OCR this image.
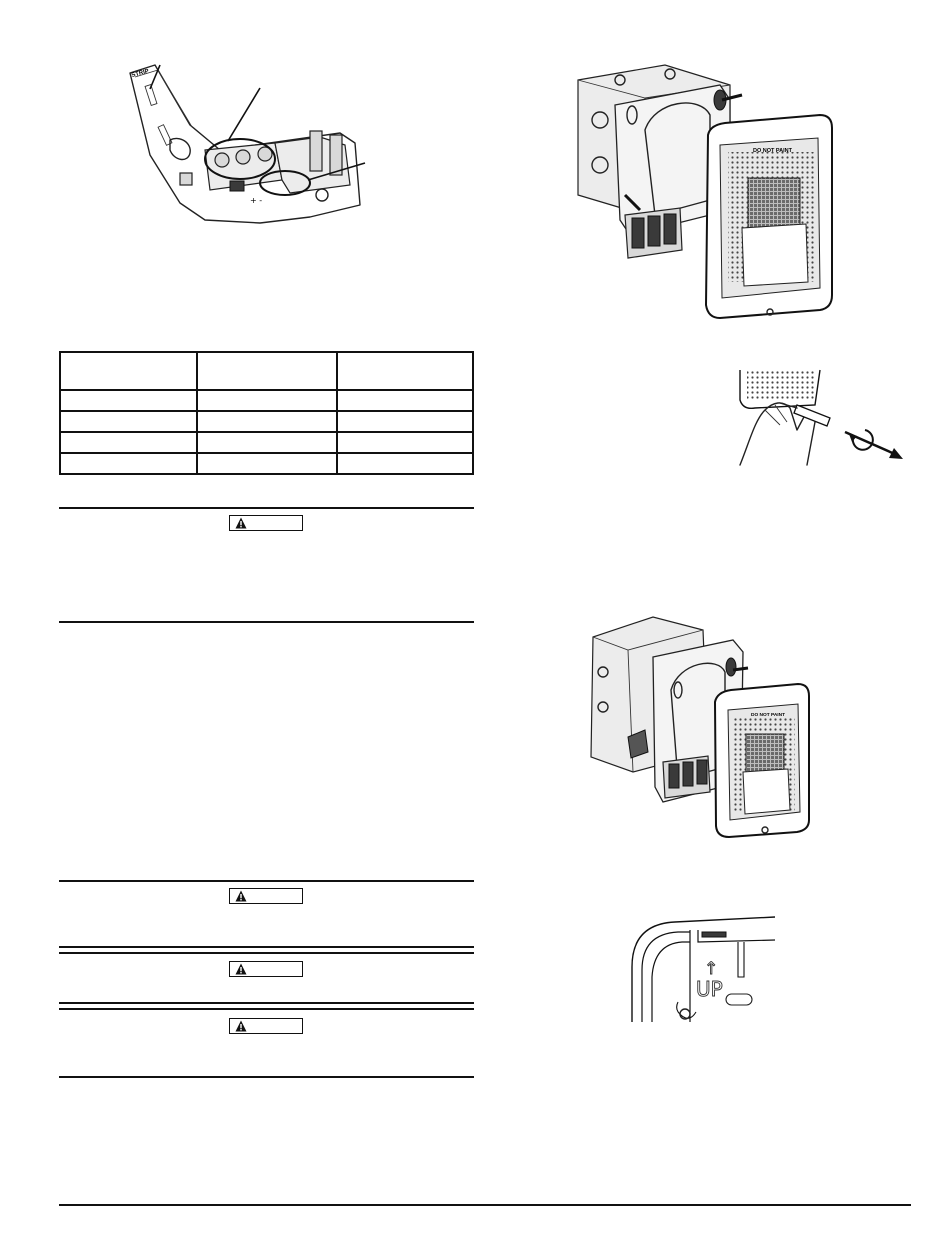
STRIP
+ -
DO NOT PAINT
DO NOT PAINT
↑
UP
